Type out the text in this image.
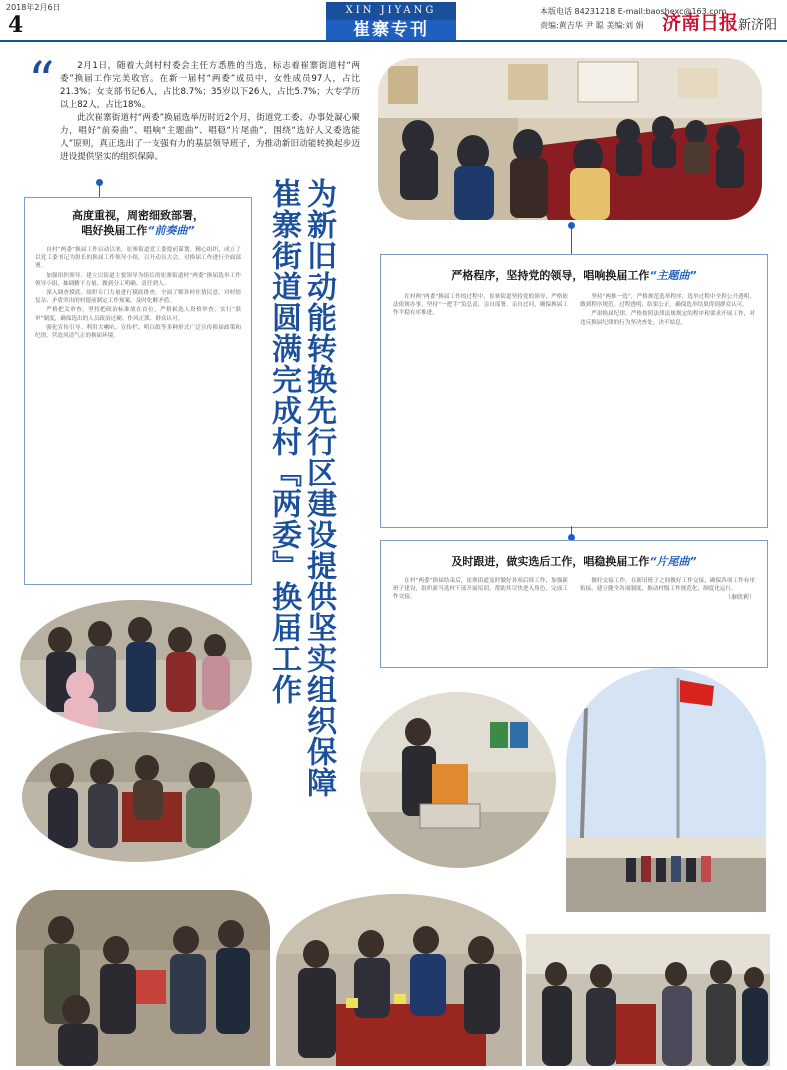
2018年2月6日
4
XIN JIYANG
崔寨专刊
本版电话 84231218 E-mail:baoshexc@163.com
责编:黄吉华 尹 聪 美编:刘 娟 济南日报新济阳
“	2月1日，随着大剑村村委会主任方悉胜的当选，标志着崔寨街道村“两委”换届工作完美收官。在新一届村“两委”成员中，女性成员97人，占比21.3%；女支部书记6人，占比8.7%；35岁以下26人，占比5.7%；大专学历以上82人，占比18%。

此次崔寨街道村“两委”换届选举历时近2个月，街道党工委、办事处凝心聚力，唱好“前奏曲”、唱响“主题曲”、唱稳“片尾曲”，围绕“选好人又委选能人”原则，真正选出了一支强有力的基层领导班子，为推动新旧动能转换起步迈进设提供坚实的组织保障。

为新旧动能转换先行区建设提供坚实组织保障
崔寨街道圆满完成村『两委』换届工作
高度重视，周密细致部署，
唱好换届工作“前奏曲”

自村“两委”换届工作启动以来，崔寨街道党工委提前谋划、精心组织，成立了以党工委书记为组长的换届工作领导小组，召开动员大会，对换届工作进行全面部署。

加强组织领导。建立以街道主要领导为组长的崔寨街道村“两委”换届选举工作领导小组，抽调精干力量，做到分工明确、责任到人。

深入调查摸底。组织专门力量进行摸底排查，全面了解各村社情民意，对村情复杂、矛盾突出的村提前制定工作预案，及时化解矛盾。

严格把关审查。坚持把政治标准放在首位，严格候选人资格审查，实行“联审”制度，确保选出的人员政治过硬、作风正派、群众认可。

强化宣传引导。利用大喇叭、宣传栏、明白纸等多种形式广泛宣传换届政策和纪律，营造风清气正的换届环境。

严格程序，坚持党的领导，唱响换届工作“主题曲”

在村两“两委”换届工作的过程中，崔寨街道坚持党的领导，严格依法依规办事，坚持“一把手”负总责，亲自部署、亲自过问，确保换届工作平稳有序推进。

坚持“两推一选”，严格规范选举程序，选举过程中全程公开透明，做到程序规范、过程透明、结果公正，确保选举结果得到群众认可。

严肃换届纪律，严格按照法律法规规定的程序和要求开展工作，对违反换届纪律的行为坚决查处，决不姑息。

及时跟进，做实选后工作，唱稳换届工作“片尾曲”

在村“两委”换届结束后，崔寨街道及时做好各项后续工作，加强新班子建设，组织新当选村干部开展培训，帮助其尽快进入角色，完成工作交接。

做好交接工作。在新旧班子之间做好工作交接，确保各项工作有序衔接。建立健全各项制度，推动村级工作规范化、制度化运行。

（秦欣莉）
